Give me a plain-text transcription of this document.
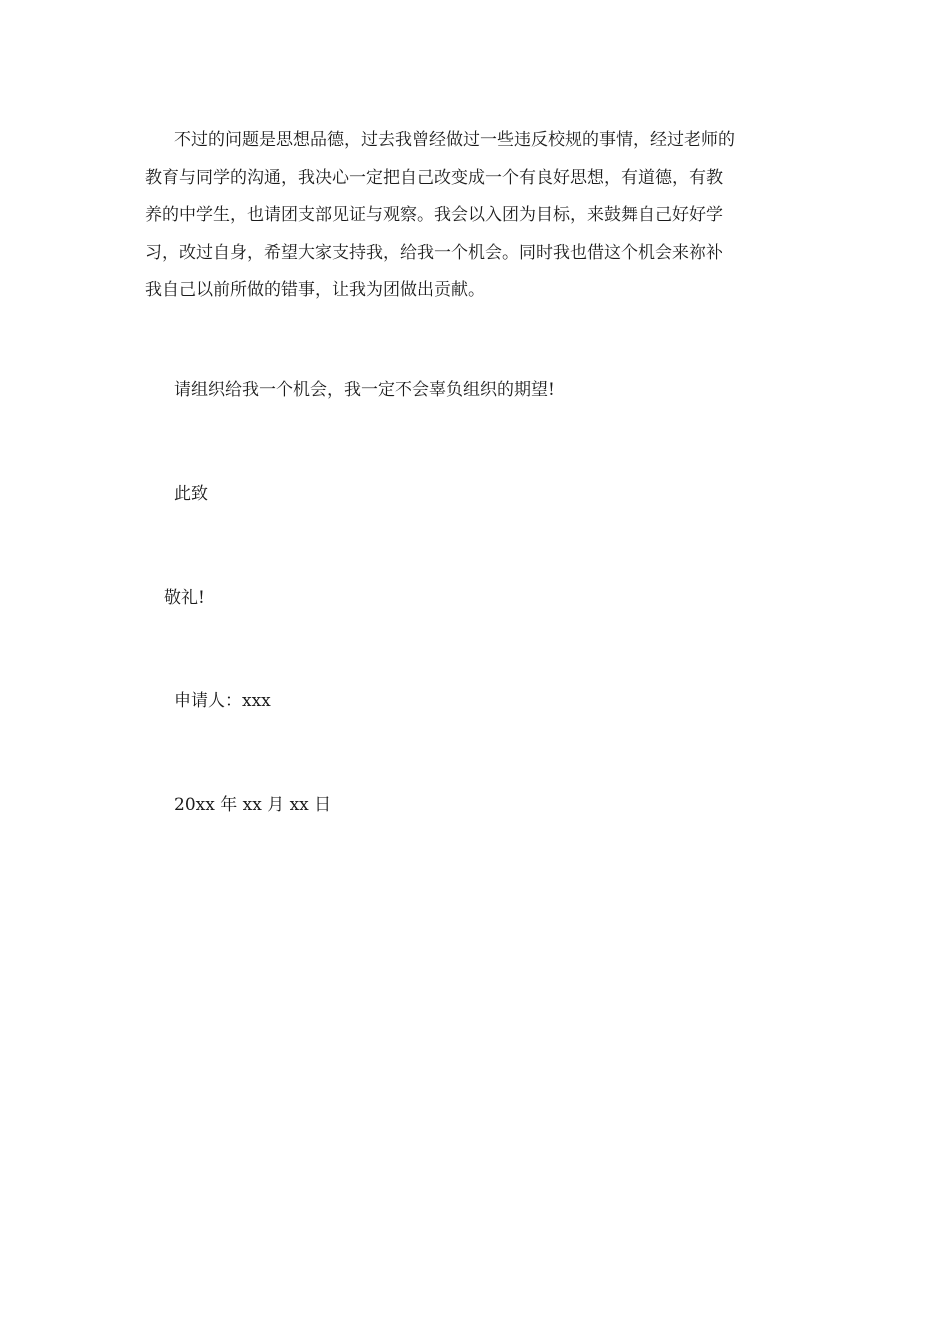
不过的问题是思想品德，过去我曾经做过一些违反校规的事情，经过老师的
教育与同学的沟通，我决心一定把自己改变成一个有良好思想，有道德，有教
养的中学生，也请团支部见证与观察。我会以入团为目标，来鼓舞自己好好学
习，改过自身，希望大家支持我，给我一个机会。同时我也借这个机会来祢补
我自己以前所做的错事，让我为团做出贡献。
请组织给我一个机会，我一定不会辜负组织的期望!
此致
敬礼!
申请人：xxx
20xx 年 xx 月 xx 日
